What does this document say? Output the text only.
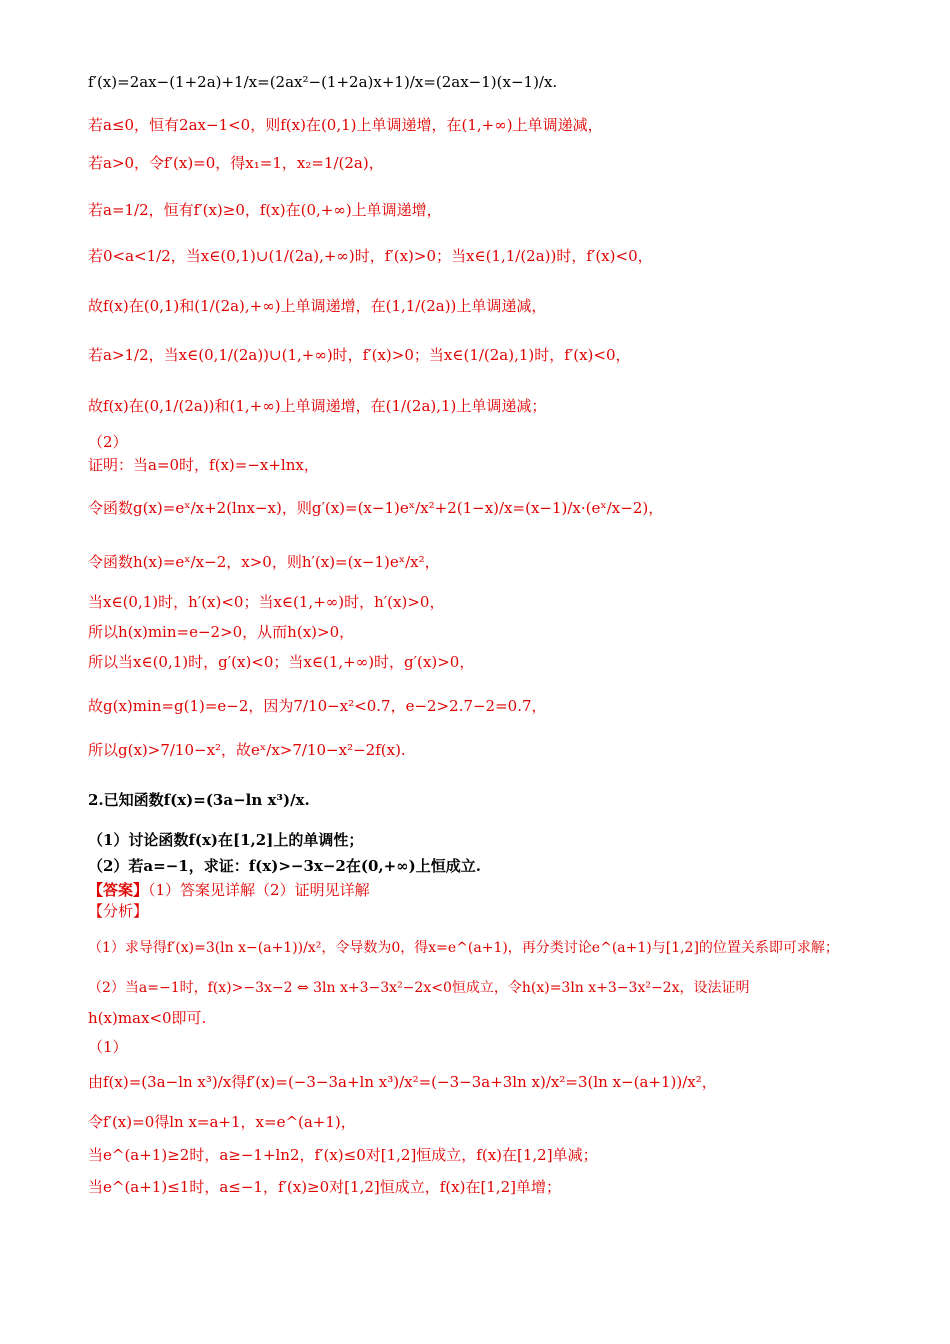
f′(x)=2ax−(1+2a)+1/x=(2ax²−(1+2a)x+1)/x=(2ax−1)(x−1)/x.
若a≤0，恒有2ax−1<0，则f(x)在(0,1)上单调递增，在(1,+∞)上单调递减，
若a>0，令f′(x)=0，得x₁=1，x₂=1/(2a)，
若a=1/2，恒有f′(x)≥0，f(x)在(0,+∞)上单调递增，
若0<a<1/2，当x∈(0,1)∪(1/(2a),+∞)时，f′(x)>0；当x∈(1,1/(2a))时，f′(x)<0，
故f(x)在(0,1)和(1/(2a),+∞)上单调递增，在(1,1/(2a))上单调递减，
若a>1/2，当x∈(0,1/(2a))∪(1,+∞)时，f′(x)>0；当x∈(1/(2a),1)时，f′(x)<0，
故f(x)在(0,1/(2a))和(1,+∞)上单调递增，在(1/(2a),1)上单调递减；
（2）
证明：当a=0时，f(x)=−x+lnx，
令函数g(x)=eˣ/x+2(lnx−x)，则g′(x)=(x−1)eˣ/x²+2(1−x)/x=(x−1)/x·(eˣ/x−2)，
令函数h(x)=eˣ/x−2，x>0，则h′(x)=(x−1)eˣ/x²，
当x∈(0,1)时，h′(x)<0；当x∈(1,+∞)时，h′(x)>0，
所以h(x)min=e−2>0，从而h(x)>0，
所以当x∈(0,1)时，g′(x)<0；当x∈(1,+∞)时，g′(x)>0，
故g(x)min=g(1)=e−2，因为7/10−x²<0.7，e−2>2.7−2=0.7，
所以g(x)>7/10−x²，故eˣ/x>7/10−x²−2f(x).
2.已知函数f(x)=(3a−ln x³)/x.
（1）讨论函数f(x)在[1,2]上的单调性；
（2）若a=−1，求证：f(x)>−3x−2在(0,+∞)上恒成立.
【答案】（1）答案见详解（2）证明见详解
【分析】
（1）求导得f′(x)=3(ln x−(a+1))/x²，令导数为0，得x=e^(a+1)，再分类讨论e^(a+1)与[1,2]的位置关系即可求解；
（2）当a=−1时，f(x)>−3x−2 ⇔ 3ln x+3−3x²−2x<0恒成立，令h(x)=3ln x+3−3x²−2x，设法证明
h(x)max<0即可.
（1）
由f(x)=(3a−ln x³)/x得f′(x)=(−3−3a+ln x³)/x²=(−3−3a+3ln x)/x²=3(ln x−(a+1))/x²，
令f′(x)=0得ln x=a+1，x=e^(a+1)，
当e^(a+1)≥2时，a≥−1+ln2，f′(x)≤0对[1,2]恒成立，f(x)在[1,2]单减；
当e^(a+1)≤1时，a≤−1，f′(x)≥0对[1,2]恒成立，f(x)在[1,2]单增；
